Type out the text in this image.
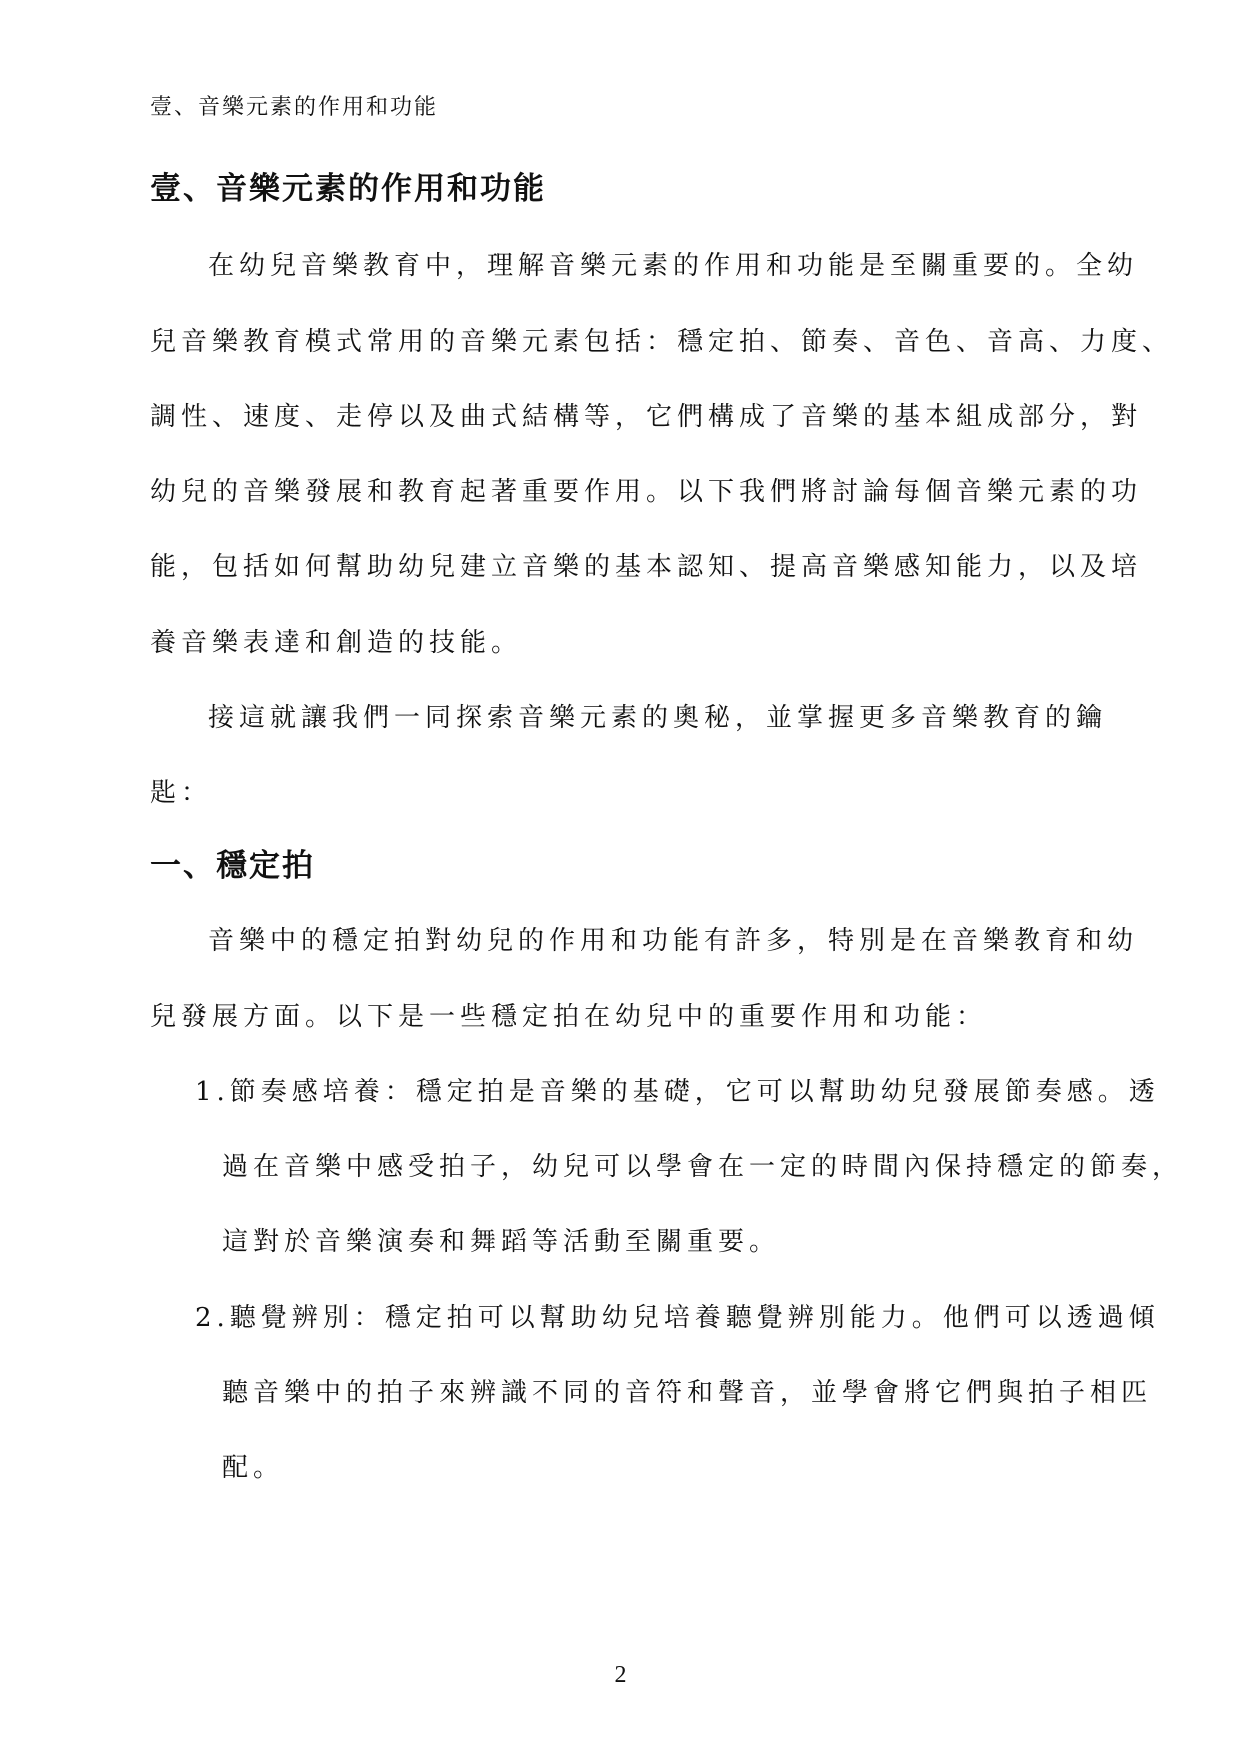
壹、音樂元素的作用和功能
壹、音樂元素的作用和功能
在幼兒音樂教育中，理解音樂元素的作用和功能是至關重要的。全幼
兒音樂教育模式常用的音樂元素包括：穩定拍、節奏、音色、音高、力度、
調性、速度、走停以及曲式結構等，它們構成了音樂的基本組成部分，對
幼兒的音樂發展和教育起著重要作用。以下我們將討論每個音樂元素的功
能，包括如何幫助幼兒建立音樂的基本認知、提高音樂感知能力，以及培
養音樂表達和創造的技能。
接這就讓我們一同探索音樂元素的奧秘，並掌握更多音樂教育的鑰
匙：
一、穩定拍
音樂中的穩定拍對幼兒的作用和功能有許多，特別是在音樂教育和幼
兒發展方面。以下是一些穩定拍在幼兒中的重要作用和功能：
1.節奏感培養：穩定拍是音樂的基礎，它可以幫助幼兒發展節奏感。透
過在音樂中感受拍子，幼兒可以學會在一定的時間內保持穩定的節奏，
這對於音樂演奏和舞蹈等活動至關重要。
2.聽覺辨別：穩定拍可以幫助幼兒培養聽覺辨別能力。他們可以透過傾
聽音樂中的拍子來辨識不同的音符和聲音，並學會將它們與拍子相匹
配。
2
